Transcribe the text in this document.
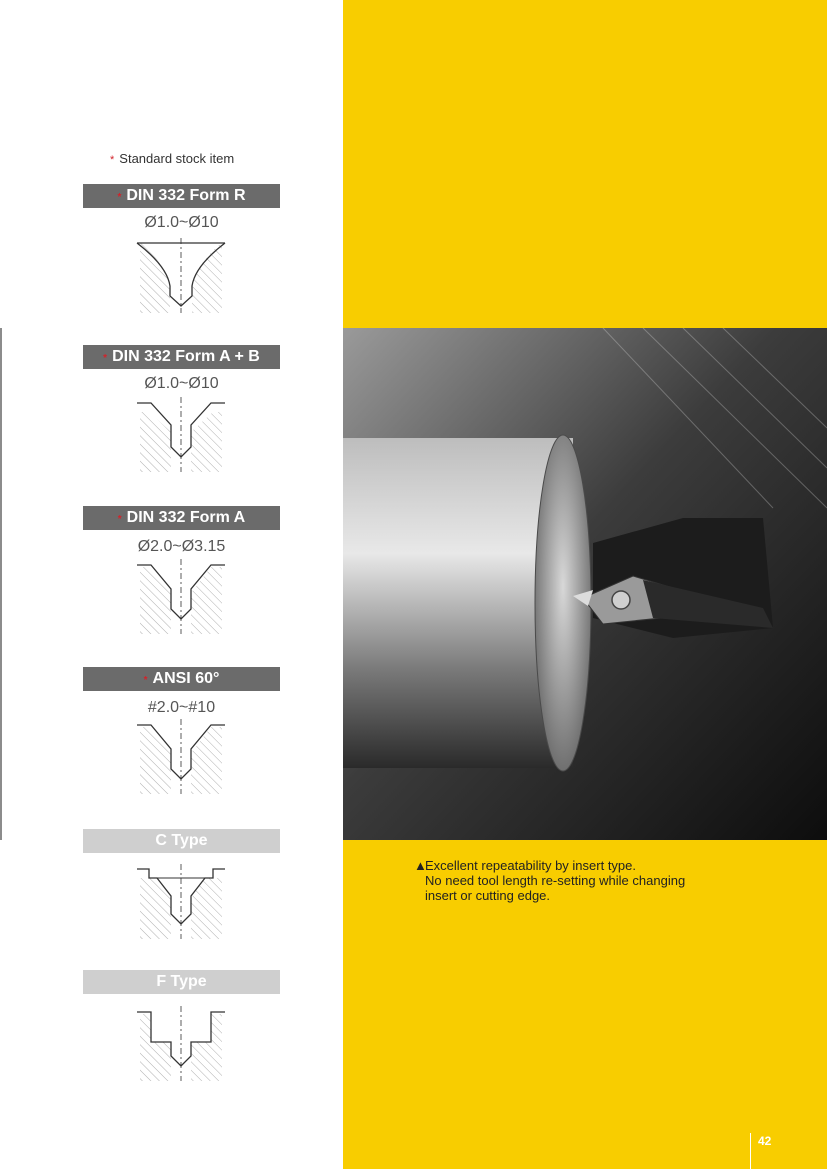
* Standard stock item
* DIN 332 Form R
Ø1.0~Ø10
* DIN 332 Form A + B
Ø1.0~Ø10
* DIN 332 Form A
Ø2.0~Ø3.15
* ANSI 60°
#2.0~#10
C Type
F Type
▲Excellent repeatability by insert type.
No need tool length re-setting while changing
insert or cutting edge.
42
